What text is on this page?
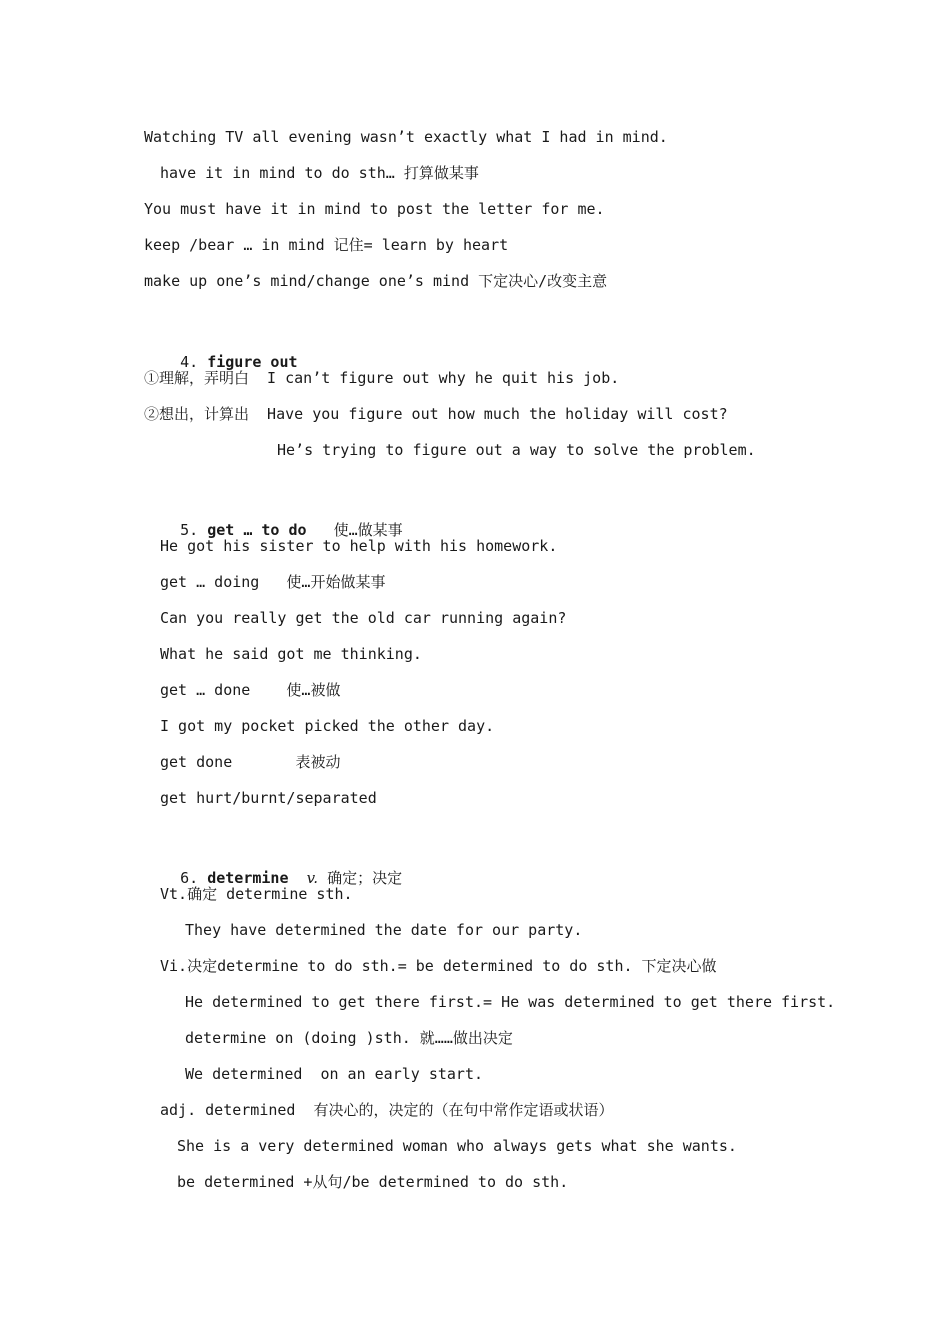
Watching TV all evening wasn’t exactly what I had in mind.
have it in mind to do sth… 打算做某事
You must have it in mind to post the letter for me.
keep /bear … in mind 记住= learn by heart
make up one’s mind/change one’s mind 下定决心/改变主意

4. figure out

①理解，弄明白  I can’t figure out why he quit his job.
②想出，计算出  Have you figure out how much the holiday will cost?
He’s trying to figure out a way to solve the problem.

5. get … to do 使…做某事

He got his sister to help with his homework.
get … doing   使…开始做某事
Can you really get the old car running again?
What he said got me thinking.
get … done    使…被做
I got my pocket picked the other day.
get done       表被动
get hurt/burnt/separated

6. determine v. 确定；决定

Vt.确定 determine sth.
They have determined the date for our party.
Vi.决定determine to do sth.= be determined to do sth. 下定决心做
He determined to get there first.= He was determined to get there first.
determine on (doing )sth. 就……做出决定
We determined  on an early start.
adj. determined  有决心的，决定的（在句中常作定语或状语）
She is a very determined woman who always gets what she wants.
be determined +从句/be determined to do sth.
